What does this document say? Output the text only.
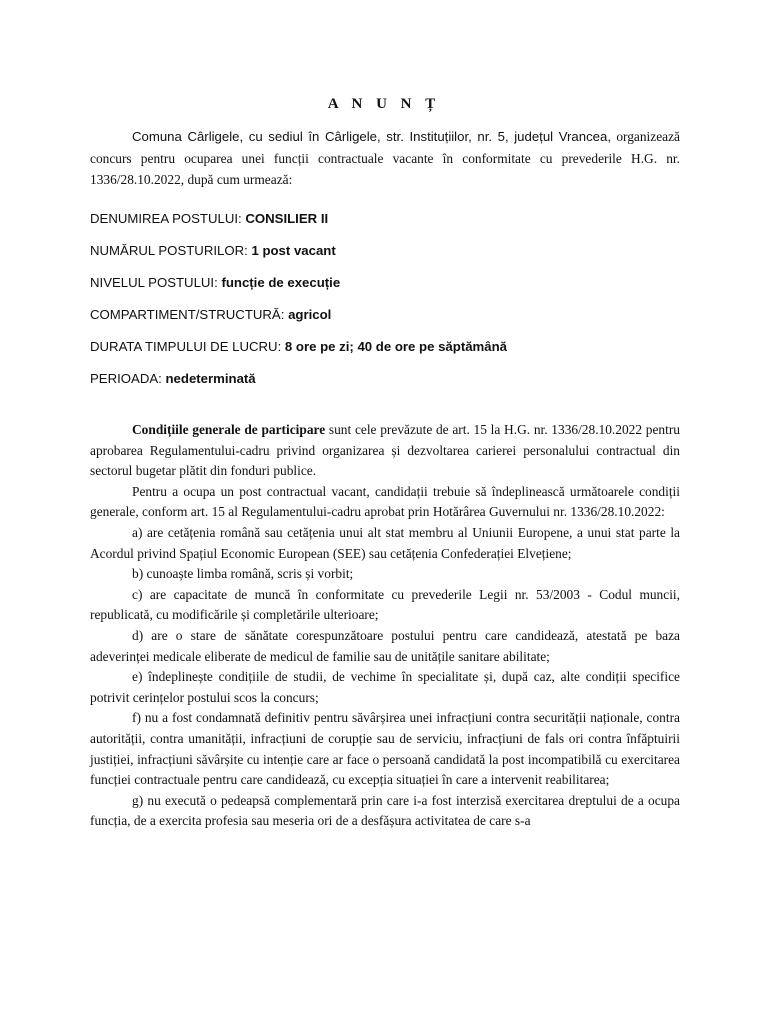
A N U N Ț
Comuna Cârligele, cu sediul în Cârligele, str. Instituțiilor, nr. 5, județul Vrancea, organizează concurs pentru ocuparea unei funcții contractuale vacante în conformitate cu prevederile H.G. nr. 1336/28.10.2022, după cum urmează:
DENUMIREA POSTULUI: CONSILIER II
NUMĂRUL POSTURILOR: 1 post vacant
NIVELUL POSTULUI: funcție de execuție
COMPARTIMENT/STRUCTURĂ: agricol
DURATA TIMPULUI DE LUCRU: 8 ore pe zi; 40 de ore pe săptămână
PERIOADA: nedeterminată

Condițiile generale de participare sunt cele prevăzute de art. 15 la H.G. nr. 1336/28.10.2022 pentru aprobarea Regulamentului-cadru privind organizarea și dezvoltarea carierei personalului contractual din sectorul bugetar plătit din fonduri publice.

Pentru a ocupa un post contractual vacant, candidații trebuie să îndeplinească următoarele condiții generale, conform art. 15 al Regulamentului-cadru aprobat prin Hotărârea Guvernului nr. 1336/28.10.2022:

a) are cetățenia română sau cetățenia unui alt stat membru al Uniunii Europene, a unui stat parte la Acordul privind Spațiul Economic European (SEE) sau cetățenia Confederației Elvețiene;

b) cunoaște limba română, scris și vorbit;

c) are capacitate de muncă în conformitate cu prevederile Legii nr. 53/2003 - Codul muncii, republicată, cu modificările și completările ulterioare;

d) are o stare de sănătate corespunzătoare postului pentru care candidează, atestată pe baza adeverinței medicale eliberate de medicul de familie sau de unitățile sanitare abilitate;

e) îndeplinește condițiile de studii, de vechime în specialitate și, după caz, alte condiții specifice potrivit cerințelor postului scos la concurs;

f) nu a fost condamnată definitiv pentru săvârșirea unei infracțiuni contra securității naționale, contra autorității, contra umanității, infracțiuni de corupție sau de serviciu, infracțiuni de fals ori contra înfăptuirii justiției, infracțiuni săvârșite cu intenție care ar face o persoană candidată la post incompatibilă cu exercitarea funcției contractuale pentru care candidează, cu excepția situației în care a intervenit reabilitarea;

g) nu execută o pedeapsă complementară prin care i-a fost interzisă exercitarea dreptului de a ocupa funcția, de a exercita profesia sau meseria ori de a desfășura activitatea de care s-a
